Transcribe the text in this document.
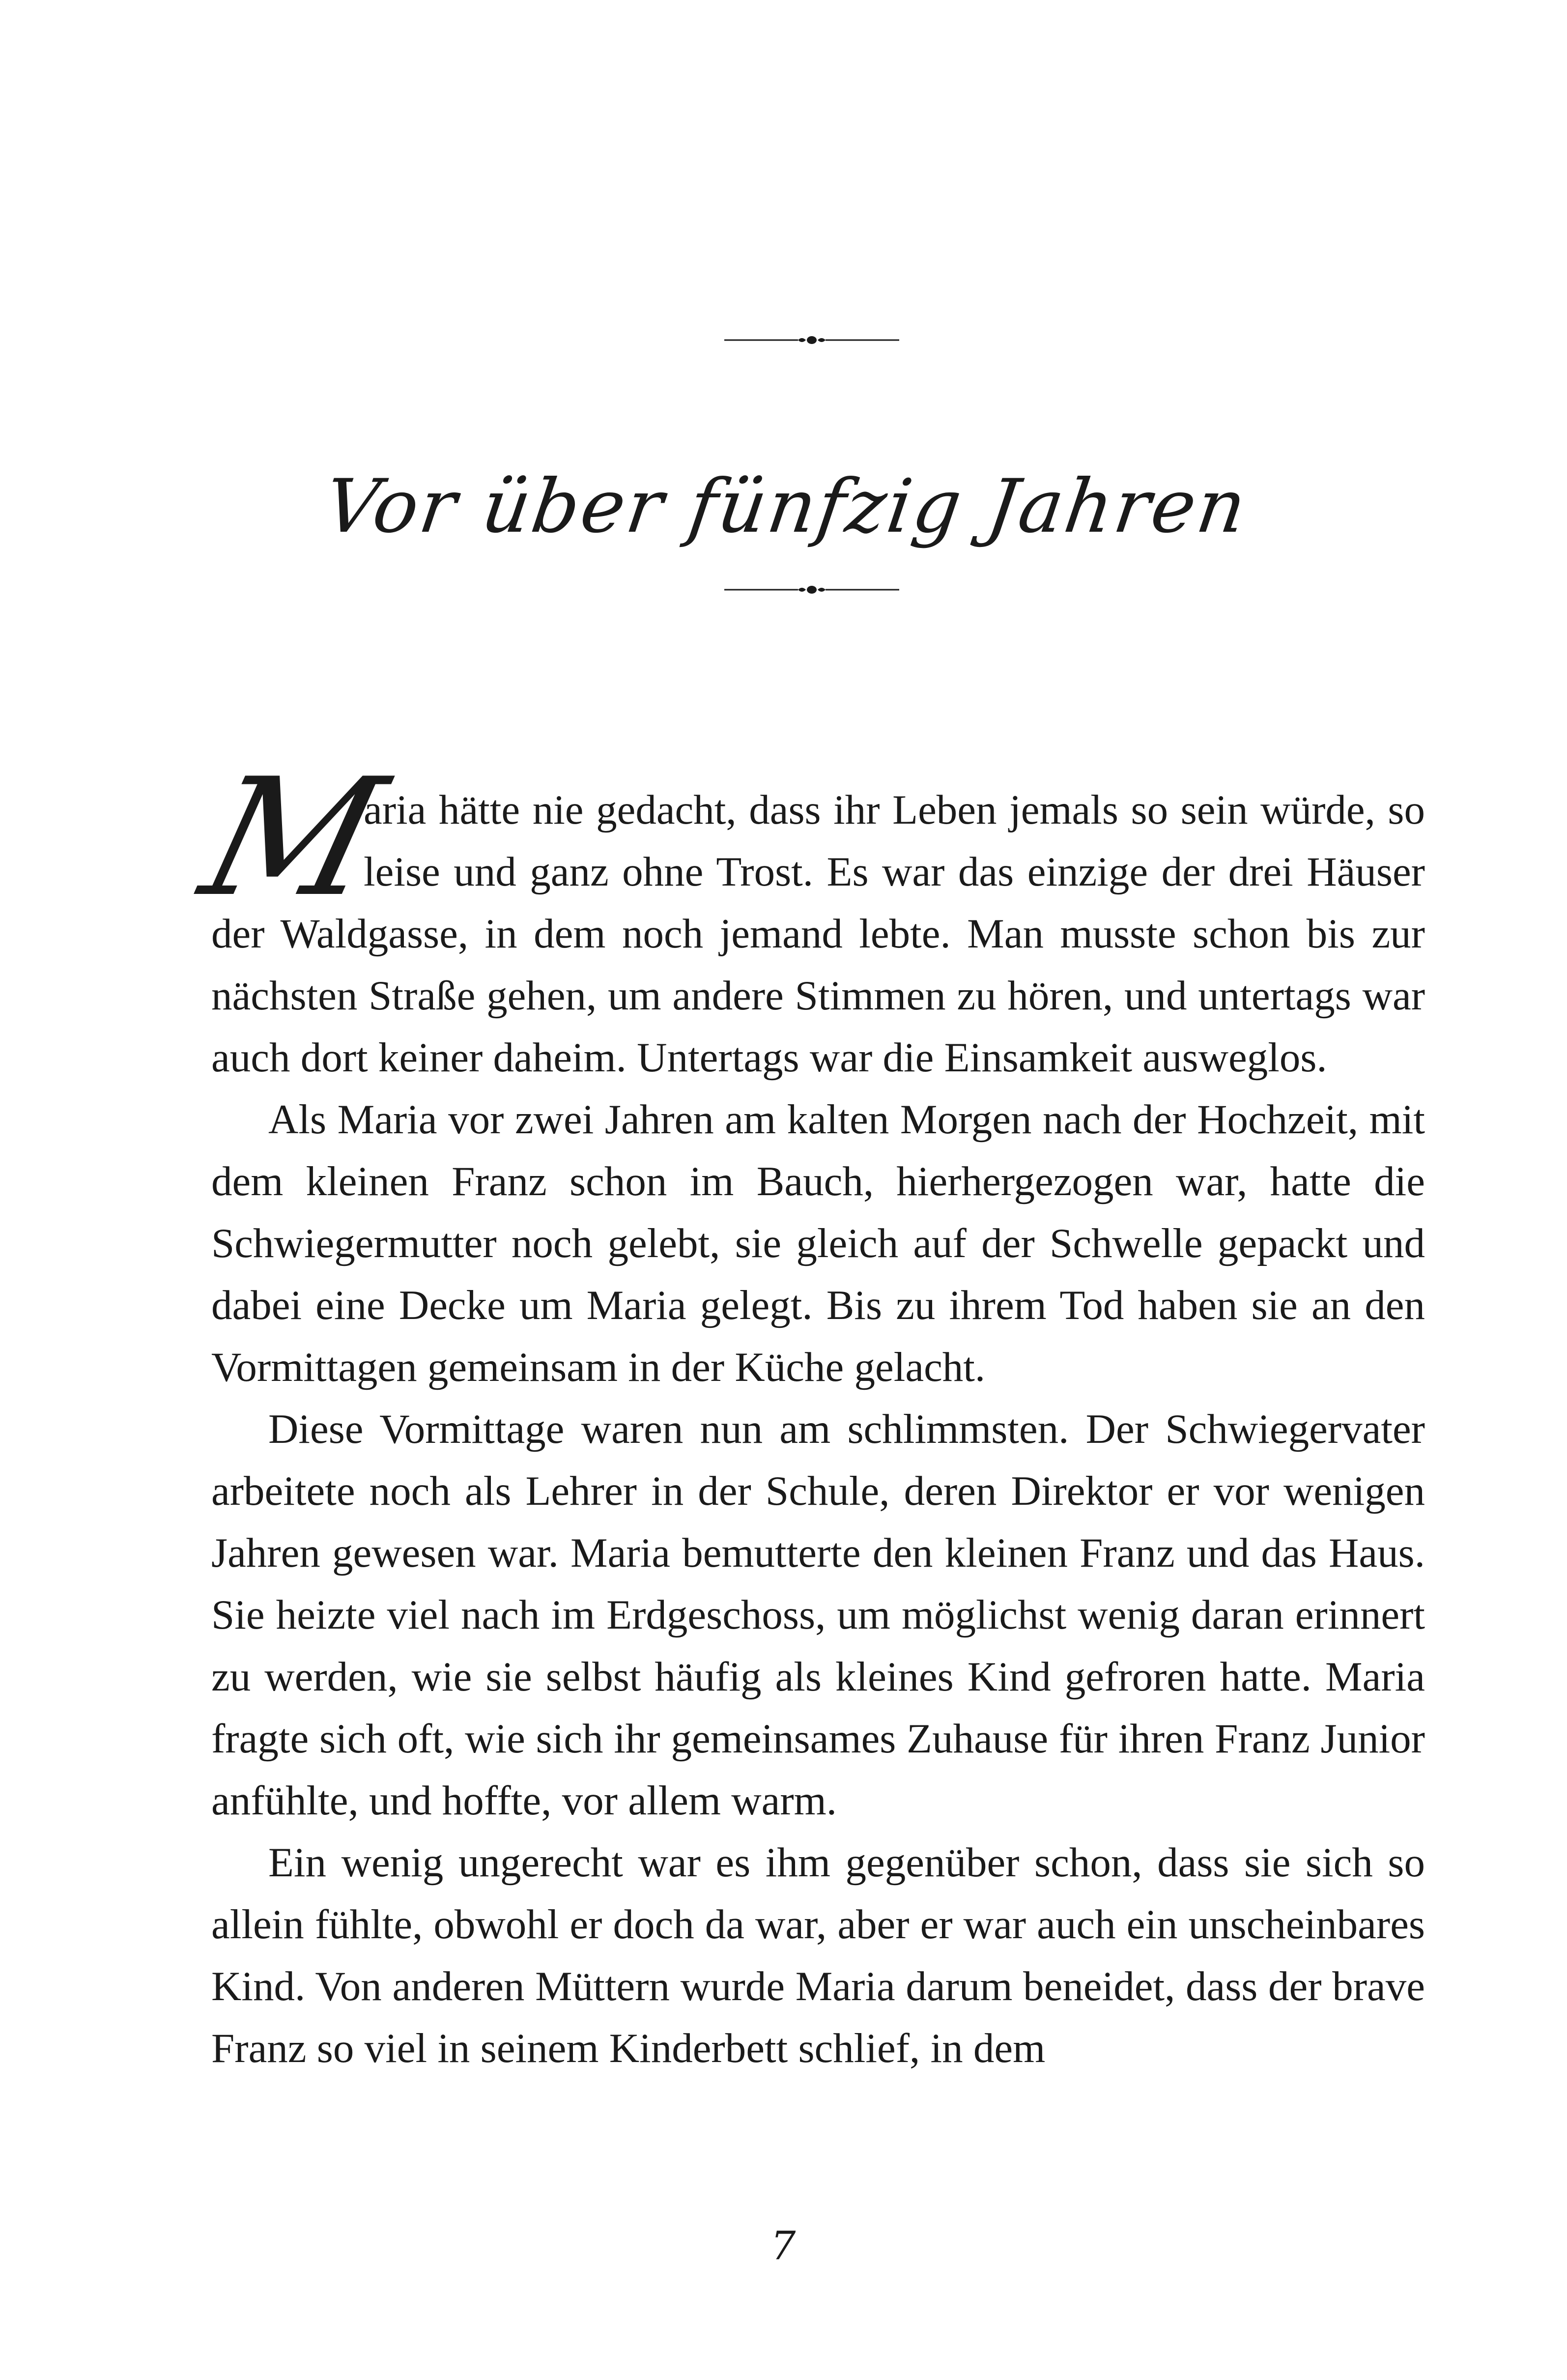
Vor über fünfzig Jahren

M
aria hätte nie gedacht, dass ihr Leben jemals so sein würde, so leise und ganz ohne Trost. Es war das einzige der drei Häuser der Waldgasse, in dem noch jemand lebte. Man musste schon bis zur nächsten Straße gehen, um andere Stimmen zu hören, und untertags war auch dort keiner daheim. Untertags war die Einsamkeit ausweglos.

Als Maria vor zwei Jahren am kalten Morgen nach der Hochzeit, mit dem kleinen Franz schon im Bauch, hierhergezogen war, hatte die Schwiegermutter noch gelebt, sie gleich auf der Schwelle gepackt und dabei eine Decke um Maria gelegt. Bis zu ihrem Tod haben sie an den Vormittagen gemeinsam in der Küche gelacht.

Diese Vormittage waren nun am schlimmsten. Der Schwiegervater arbeitete noch als Lehrer in der Schule, deren Direktor er vor wenigen Jahren gewesen war. Maria bemutterte den kleinen Franz und das Haus. Sie heizte viel nach im Erdgeschoss, um möglichst wenig daran erinnert zu werden, wie sie selbst häufig als kleines Kind gefroren hatte. Maria fragte sich oft, wie sich ihr gemeinsames Zuhause für ihren Franz Junior anfühlte, und hoffte, vor allem warm.

Ein wenig ungerecht war es ihm gegenüber schon, dass sie sich so allein fühlte, obwohl er doch da war, aber er war auch ein unscheinbares Kind. Von anderen Müttern wurde Maria darum beneidet, dass der brave Franz so viel in seinem Kinderbett schlief, in dem

7
